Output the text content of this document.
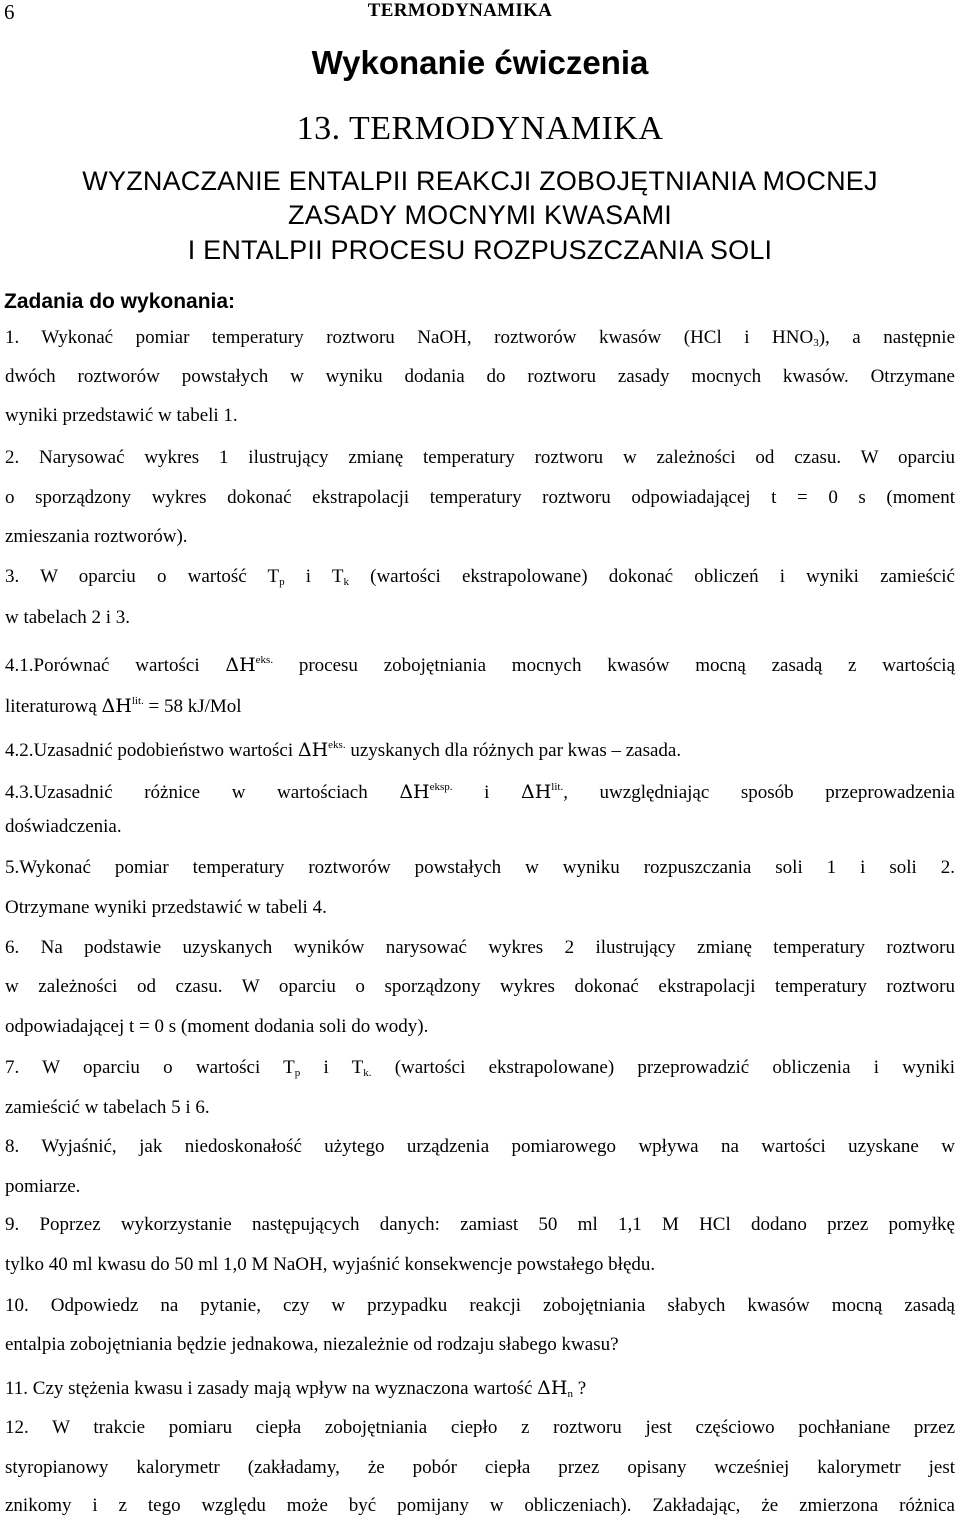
6	TERMODYNAMIKA
Wykonanie ćwiczenia
13. TERMODYNAMIKA
WYZNACZANIE ENTALPII REAKCJI ZOBOJĘTNIANIA MOCNEJ
ZASADY MOCNYMI KWASAMI
I ENTALPII PROCESU ROZPUSZCZANIA SOLI
Zadania do wykonania:
1. Wykonać pomiar temperatury roztworu NaOH, roztworów kwasów (HCl i $HNO_3$), a następnie
dwóch roztworów powstałych w wyniku dodania do roztworu zasady mocnych kwasów. Otrzymane
wyniki przedstawić w tabeli 1.
2. Narysować wykres 1 ilustrujący zmianę temperatury roztworu w zależności od czasu. W oparciu
o sporządzony wykres dokonać ekstrapolacji temperatury roztworu odpowiadającej t = 0 s (moment
zmieszania roztworów).
3. W oparciu o wartość $T_p$ i $T_k$ (wartości ekstrapolowane) dokonać obliczeń i wyniki zamieścić
w tabelach 2 i 3.
4.1.Porównać wartości $\Delta H^{eks.}$ procesu zobojętniania mocnych kwasów mocną zasadą z wartością
literaturową $\Delta H^{lit.} = 58$ kJ/Mol
4.2.Uzasadnić podobieństwo wartości $\Delta H^{eks.}$ uzyskanych dla różnych par kwas – zasada.
4.3.Uzasadnić różnice w wartościach $\Delta H^{eksp.}$ i $\Delta H^{lit.}$, uwzględniając sposób przeprowadzenia
doświadczenia.
5.Wykonać pomiar temperatury roztworów powstałych w wyniku rozpuszczania soli 1 i soli 2.
Otrzymane wyniki przedstawić w tabeli 4.
6. Na podstawie uzyskanych wyników narysować wykres 2 ilustrujący zmianę temperatury roztworu
w zależności od czasu. W oparciu o sporządzony wykres dokonać ekstrapolacji temperatury roztworu
odpowiadającej t = 0 s (moment dodania soli do wody).
7. W oparciu o wartości $T_p$ i $T_{k.}$ (wartości ekstrapolowane) przeprowadzić obliczenia i wyniki
zamieścić w tabelach 5 i 6.
8. Wyjaśnić, jak niedoskonałość użytego urządzenia pomiarowego wpływa na wartości uzyskane w
pomiarze.
9. Poprzez wykorzystanie następujących danych: zamiast 50 ml 1,1 M HCl dodano przez pomyłkę
tylko 40 ml kwasu do 50 ml 1,0 M NaOH, wyjaśnić konsekwencje powstałego błędu.
10. Odpowiedz na pytanie, czy w przypadku reakcji zobojętniania słabych kwasów mocną zasadą
entalpia zobojętniania będzie jednakowa, niezależnie od rodzaju słabego kwasu?
11. Czy stężenia kwasu i zasady mają wpływ na wyznaczona wartość $\Delta H_n$ ?
12. W trakcie pomiaru ciepła zobojętniania ciepło z roztworu jest częściowo pochłaniane przez
styropianowy kalorymetr (zakładamy, że pobór ciepła przez opisany wcześniej kalorymetr jest
znikomy i z tego względu może być pomijany w obliczeniach). Zakładając, że zmierzona różnica
